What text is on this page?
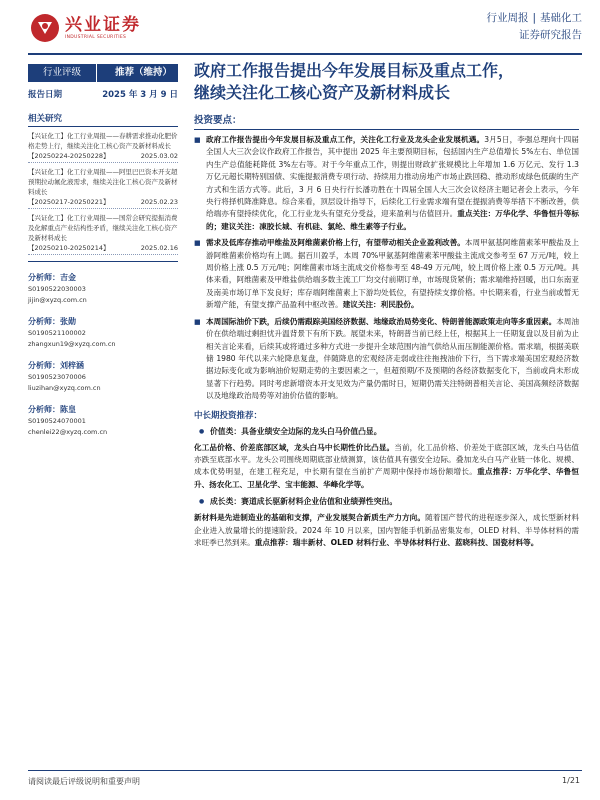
兴业证券
INDUSTRIAL SECURITIES
行业周报 | 基础化工
证券研究报告
行业评级	推荐（维持）
报告日期	2025 年 3 月 9 日
相关研究
【兴证化工】化工行业周报——春耕需求推动化肥价格走势上行，继续关注化工核心资产及新材料成长
【20250224-20250228】	2025.03.02
【兴证化工】化工行业周报——阿里巴巴资本开支超预期拉动氟化液需求，继续关注化工核心资产及新材料成长
【20250217-20250221】	2025.02.23
【兴证化工】化工行业周报——国常会研究提振消费及化解重点产业结构性矛盾，继续关注化工核心资产及新材料成长
【20250210-20250214】	2025.02.16
分析师：吉金
S0190522030003
jijin@xyzq.com.cn
分析师：张勋
S0190521100002
zhangxun19@xyzq.com.cn
分析师：刘梓涵
S0190523070006
liuzihan@xyzq.com.cn
分析师：陈皇
S0190524070001
chenlei22@xyzq.com.cn
政府工作报告提出今年发展目标及重点工作，
继续关注化工核心资产及新材料成长
投资要点：
■ 政府工作报告提出今年发展目标及重点工作，关注化工行业及龙头企业发展机遇。3月5日，李强总理向十四届全国人大三次会议作政府工作报告，其中提出 2025 年主要预期目标，包括国内生产总值增长 5%左右、单位国内生产总值能耗降低 3%左右等。对于今年重点工作，则提出财政扩张规模比上年增加 1.6 万亿元、发行 1.3 万亿元超长期特别国债、实施提振消费专项行动、持续用力推动房地产市场止跌回稳、推动形成绿色低碳的生产方式和生活方式等。此后，3 月 6 日央行行长潘功胜在十四届全国人大三次会议经济主题记者会上表示，今年央行将择机降准降息。综合来看，顶层设计指导下，后续化工行业需求端有望在提振消费等举措下不断改善，供给端亦有望持续优化，化工行业龙头有望充分受益，迎来盈利与估值回升。重点关注：万华化学、华鲁恒升等标的；建议关注：凍胶长城、有机硅、氯纶、维生素等子行业。
■ 需求及低库存推动甲维盐及阿维菌素价格上行，有望带动相关企业盈利改善。本周甲氨基阿维菌素苯甲酸盐及上游阿维菌素价格均有上调。据百川盈孚，本周 70%甲氨基阿维菌素苯甲酸盐主流成交参考至 67 万元/吨，较上周价格上涨 0.5 万元/吨；阿维菌素市场主流成交价格参考至 48-49 万元/吨，较上周价格上涨 0.5 万元/吨。具体来看，阿维菌素及甲维盐供给端多数主流工厂均交付前期订单，市场现货紧俏；需求端维持回暖，出口东南亚及南美市场订单下发良好；库存端阿维菌素上下游均处低位，有望持续支撑价格。中长期来看，行业当前或暂无新增产能，有望支撑产品盈利中枢改善。建议关注：利民股份。
■ 本周国际油价下跌，后续仍需跟踪美国经济数据、地缘政治局势变化、特朗普能源政策走向等多重因素。本周油价在供给端过剩担忧升温背景下有所下跌。展望未来，特朗普当前已经上任，根据其上一任期复盘以及目前为止相关言论来看，后续其或将通过多种方式进一步提升全球范围内油气供给从而压制能源价格。需求端，根据美联储 1980 年代以来六轮降息复盘，伴随降息的宏观经济走弱或往往拖拽油价下行，当下需求端美国宏观经济数据边际变化或为影响油价短期走势的主要因素之一，但超预期/不及预期的各经济数据变化下，当前或尚未形成显著下行趋势。同时考虑新增资本开支见效为产量仍需时日，短期仍需关注特朗普相关言论、美国高频经济数据以及地缘政治局势等对油价估值的影响。
中长期投资推荐：
● 价值类：具备业绩安全边际的龙头白马价值凸显。
化工品价格、价差底部区域，龙头白马中长期性价比凸显。当前，化工品价格、价差处于底部区域，龙头白马估值亦跌至底部水平。龙头公司围绕周期底部业绩测算，该估值具有强安全边际。叠加龙头白马产业链一体化、规模、成本优势明显，在建工程充足，中长期有望在当前扩产周期中保持市场份额增长。重点推荐：万华化学、华鲁恒升、扬农化工、卫星化学、宝丰能源、华峰化学等。
● 成长类：赛道成长驱新材料企业估值和业绩弹性突出。
新材料是先进制造业的基础和支撑，产业发展契合新质生产力方向。随着国产替代的进程逐步深入，成长型新材料企业进入放量增长的提速阶段。2024 年 10 月以来，国内智能手机新品密集发布，OLED 材料、半导体材料的需求旺季已然到来。重点推荐：瑞丰新材、OLED 材料行业、半导体材料行业、蓝晓科技、国瓷材料等。
请阅读最后评级说明和重要声明	1/21
